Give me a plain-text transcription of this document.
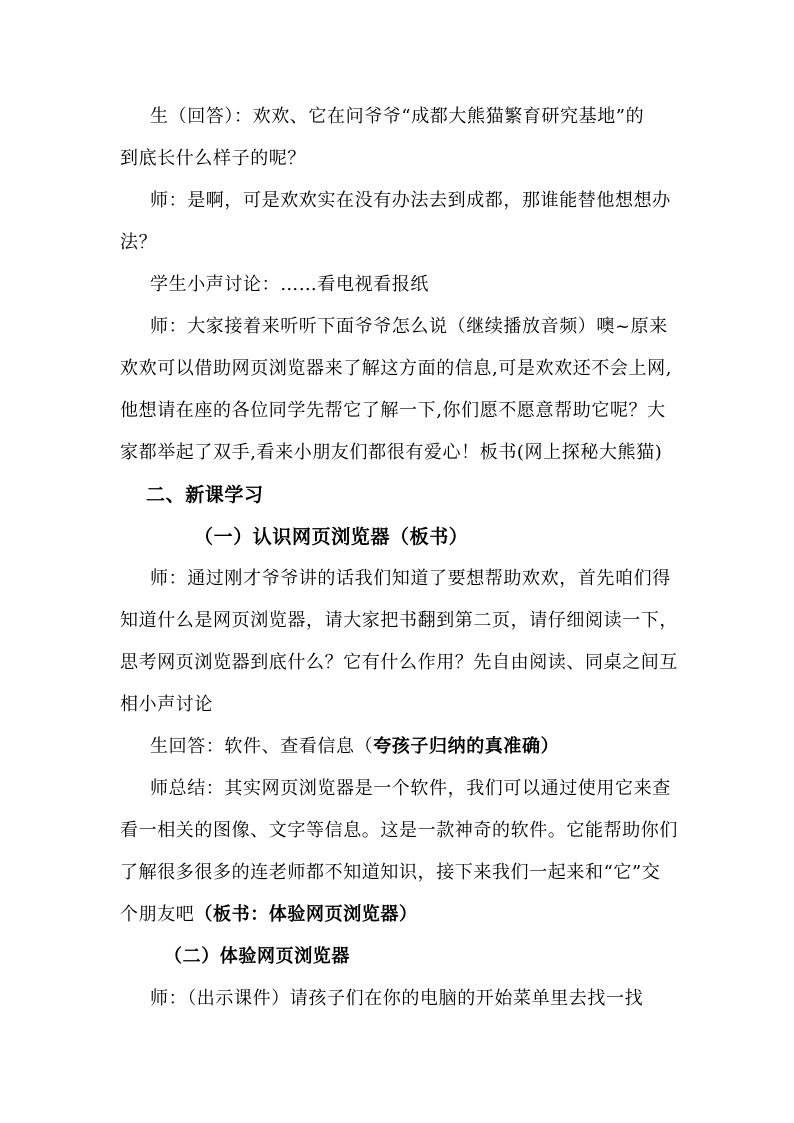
生（回答）：欢欢、它在问爷爷“成都大熊猫繁育研究基地”的
到底长什么样子的呢？
师：是啊，可是欢欢实在没有办法去到成都，那谁能替他想想办
法？
学生小声讨论：……看电视看报纸
师：大家接着来听听下面爷爷怎么说（继续播放音频）噢~原来
欢欢可以借助网页浏览器来了解这方面的信息,可是欢欢还不会上网,
他想请在座的各位同学先帮它了解一下,你们愿不愿意帮助它呢？大
家都举起了双手,看来小朋友们都很有爱心！板书(网上探秘大熊猫)
二、新课学习
（一）认识网页浏览器（板书）
师：通过刚才爷爷讲的话我们知道了要想帮助欢欢，首先咱们得
知道什么是网页浏览器，请大家把书翻到第二页，请仔细阅读一下，
思考网页浏览器到底什么？它有什么作用？先自由阅读、同桌之间互
相小声讨论
生回答：软件、查看信息（夸孩子归纳的真准确）
师总结：其实网页浏览器是一个软件，我们可以通过使用它来查
看一相关的图像、文字等信息。这是一款神奇的软件。它能帮助你们
了解很多很多的连老师都不知道知识，接下来我们一起来和“它”交
个朋友吧（板书：体验网页浏览器）
（二）体验网页浏览器
师：（出示课件）请孩子们在你的电脑的开始菜单里去找一找
